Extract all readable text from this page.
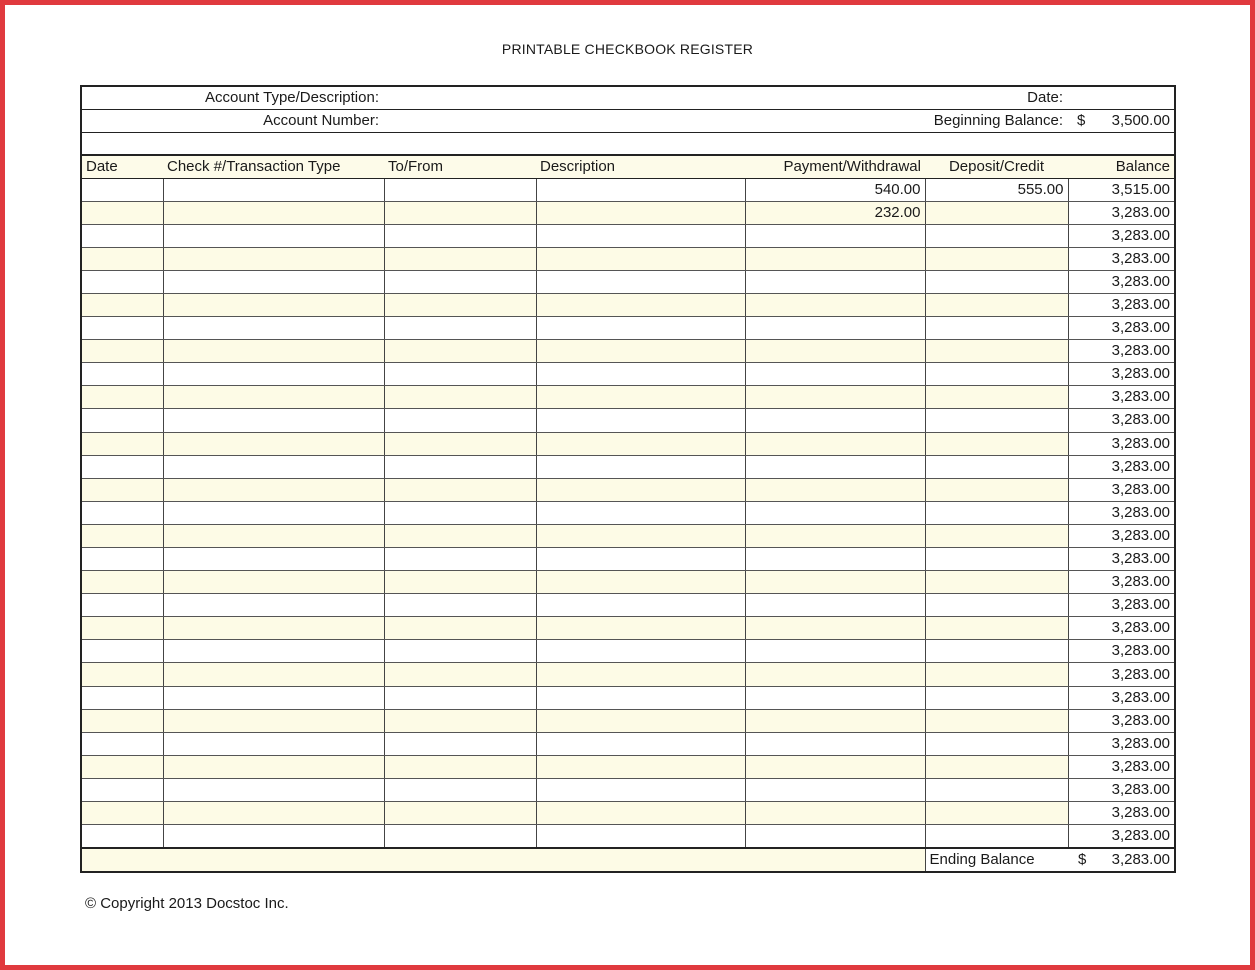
PRINTABLE CHECKBOOK REGISTER
Account Type/Description:		Date:	
Account Number:		Beginning Balance:	$ 3,500.00

Date	Check #/Transaction Type	To/From	Description	Payment/Withdrawal	Deposit/Credit	Balance
				540.00	555.00	3,515.00
				232.00		3,283.00
						3,283.00
						3,283.00
						3,283.00
						3,283.00
						3,283.00
						3,283.00
						3,283.00
						3,283.00
						3,283.00
						3,283.00
						3,283.00
						3,283.00
						3,283.00
						3,283.00
						3,283.00
						3,283.00
						3,283.00
						3,283.00
						3,283.00
						3,283.00
						3,283.00
						3,283.00
						3,283.00
						3,283.00
						3,283.00
						3,283.00
						3,283.00
					Ending Balance	$ 3,283.00
© Copyright 2013 Docstoc Inc.
